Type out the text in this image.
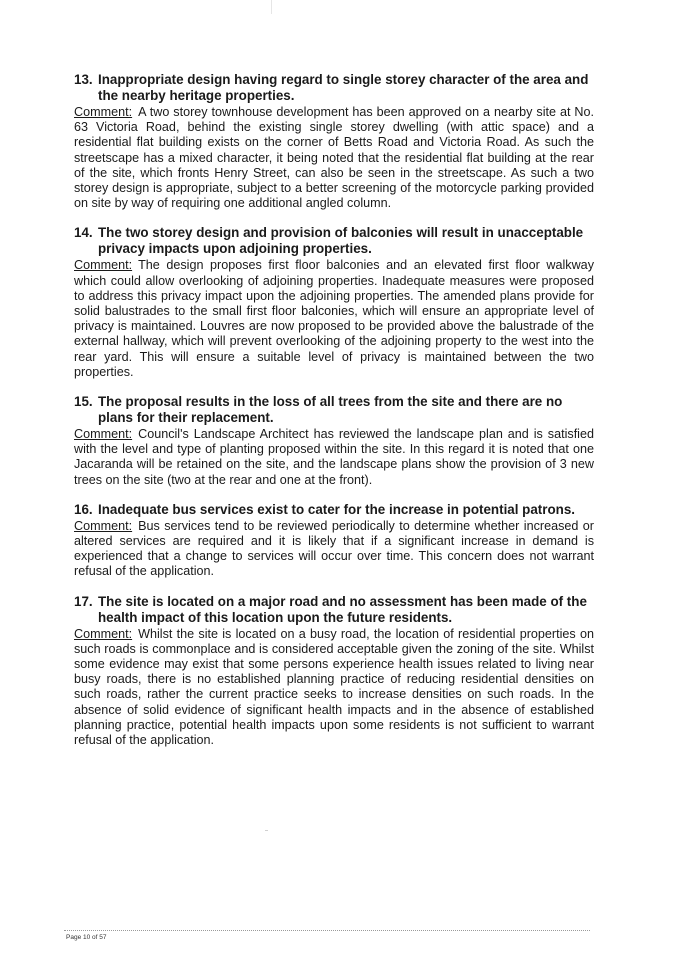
13. Inappropriate design having regard to single storey character of the area and the nearby heritage properties.

Comment: A two storey townhouse development has been approved on a nearby site at No. 63 Victoria Road, behind the existing single storey dwelling (with attic space) and a residential flat building exists on the corner of Betts Road and Victoria Road. As such the streetscape has a mixed character, it being noted that the residential flat building at the rear of the site, which fronts Henry Street, can also be seen in the streetscape. As such a two storey design is appropriate, subject to a better screening of the motorcycle parking provided on site by way of requiring one additional angled column.

14. The two storey design and provision of balconies will result in unacceptable privacy impacts upon adjoining properties.

Comment: The design proposes first floor balconies and an elevated first floor walkway which could allow overlooking of adjoining properties. Inadequate measures were proposed to address this privacy impact upon the adjoining properties. The amended plans provide for solid balustrades to the small first floor balconies, which will ensure an appropriate level of privacy is maintained. Louvres are now proposed to be provided above the balustrade of the external hallway, which will prevent overlooking of the adjoining property to the west into the rear yard. This will ensure a suitable level of privacy is maintained between the two properties.

15. The proposal results in the loss of all trees from the site and there are no plans for their replacement.

Comment: Council's Landscape Architect has reviewed the landscape plan and is satisfied with the level and type of planting proposed within the site. In this regard it is noted that one Jacaranda will be retained on the site, and the landscape plans show the provision of 3 new trees on the site (two at the rear and one at the front).

16. Inadequate bus services exist to cater for the increase in potential patrons.

Comment: Bus services tend to be reviewed periodically to determine whether increased or altered services are required and it is likely that if a significant increase in demand is experienced that a change to services will occur over time. This concern does not warrant refusal of the application.

17. The site is located on a major road and no assessment has been made of the health impact of this location upon the future residents.

Comment: Whilst the site is located on a busy road, the location of residential properties on such roads is commonplace and is considered acceptable given the zoning of the site. Whilst some evidence may exist that some persons experience health issues related to living near busy roads, there is no established planning practice of reducing residential densities on such roads, rather the current practice seeks to increase densities on such roads. In the absence of solid evidence of significant health impacts and in the absence of established planning practice, potential health impacts upon some residents is not sufficient to warrant refusal of the application.

Page 10 of 57
